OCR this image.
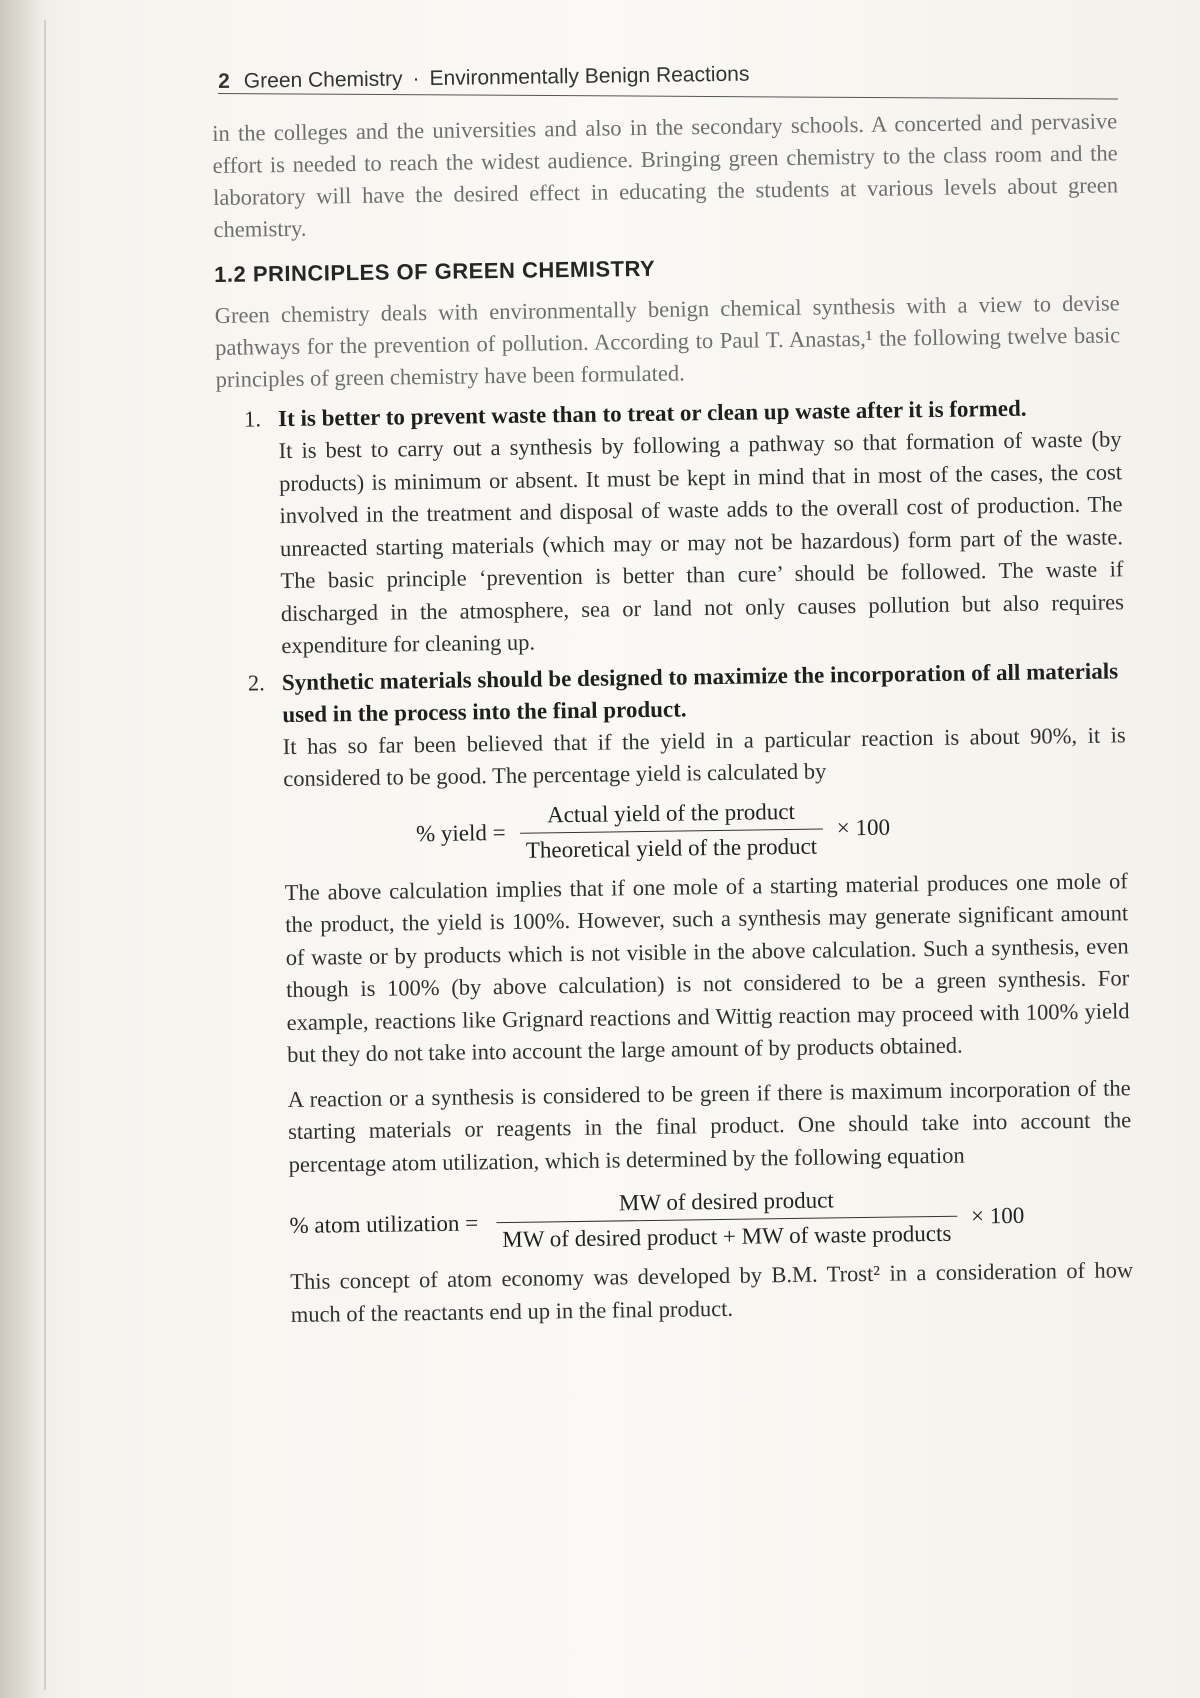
2 Green Chemistry · Environmentally Benign Reactions

in the colleges and the universities and also in the secondary schools. A concerted and pervasive effort is needed to reach the widest audience. Bringing green chemistry to the class room and the laboratory will have the desired effect in educating the students at various levels about green chemistry.

1.2 PRINCIPLES OF GREEN CHEMISTRY

Green chemistry deals with environmentally benign chemical synthesis with a view to devise pathways for the prevention of pollution. According to Paul T. Anastas,¹ the following twelve basic principles of green chemistry have been formulated.

1. It is better to prevent waste than to treat or clean up waste after it is formed.
It is best to carry out a synthesis by following a pathway so that formation of waste (by products) is minimum or absent. It must be kept in mind that in most of the cases, the cost involved in the treatment and disposal of waste adds to the overall cost of production. The unreacted starting materials (which may or may not be hazardous) form part of the waste. The basic principle ‘prevention is better than cure’ should be followed. The waste if discharged in the atmosphere, sea or land not only causes pollution but also requires expenditure for cleaning up.
2. Synthetic materials should be designed to maximize the incorporation of all materials used in the process into the final product.
It has so far been believed that if the yield in a particular reaction is about 90%, it is considered to be good. The percentage yield is calculated by
% yield = $\frac{\text{Actual yield of the product}}{\text{Theoretical yield of the product}} \times 100$
The above calculation implies that if one mole of a starting material produces one mole of the product, the yield is 100%. However, such a synthesis may generate significant amount of waste or by products which is not visible in the above calculation. Such a synthesis, even though is 100% (by above calculation) is not considered to be a green synthesis. For example, reactions like Grignard reactions and Wittig reaction may proceed with 100% yield but they do not take into account the large amount of by products obtained.
A reaction or a synthesis is considered to be green if there is maximum incorporation of the starting materials or reagents in the final product. One should take into account the percentage atom utilization, which is determined by the following equation
% atom utilization = $\frac{\text{MW of desired product}}{\text{MW of desired product + MW of waste products}} \times 100$
This concept of atom economy was developed by B.M. Trost² in a consideration of how much of the reactants end up in the final product.
